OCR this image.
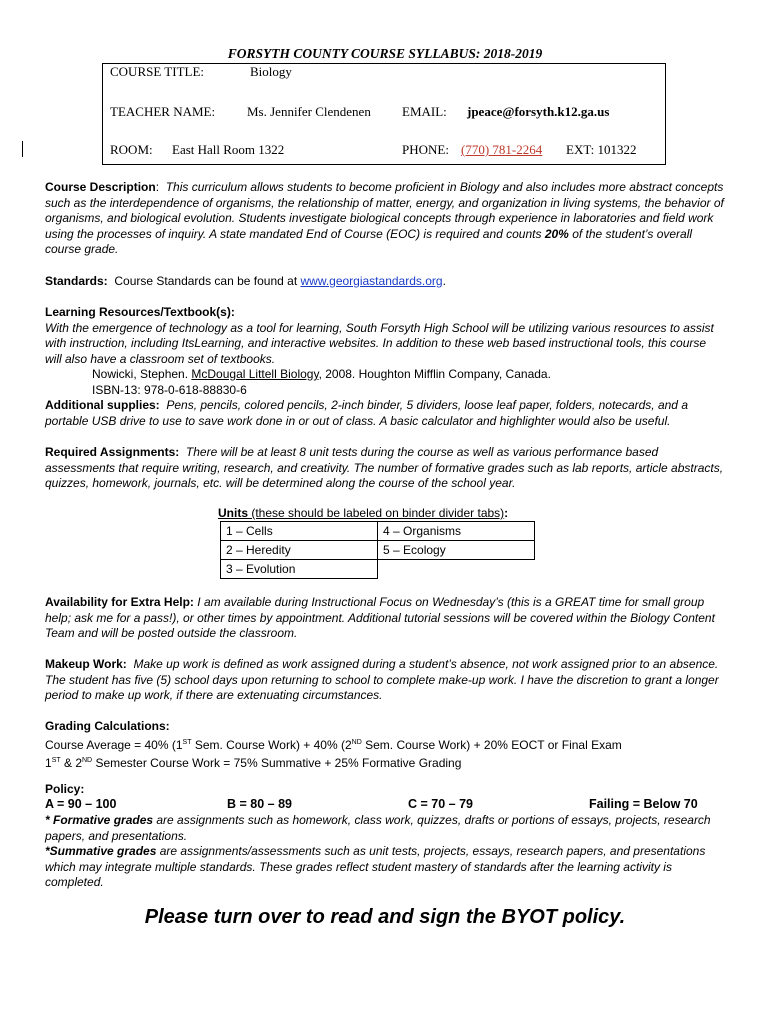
FORSYTH COUNTY COURSE SYLLABUS: 2018-2019
COURSE TITLE:	Biology
TEACHER NAME: Ms. Jennifer Clendenen EMAIL: jpeace@forsyth.k12.ga.us
ROOM: East Hall Room 1322	PHONE: (770) 781-2264 EXT: 101322
Course Description: This curriculum allows students to become proficient in Biology and also includes more abstract concepts such as the interdependence of organisms, the relationship of matter, energy, and organization in living systems, the behavior of organisms, and biological evolution. Students investigate biological concepts through experience in laboratories and field work using the processes of inquiry. A state mandated End of Course (EOC) is required and counts 20% of the student’s overall course grade.
Standards: Course Standards can be found at www.georgiastandards.org.
Learning Resources/Textbook(s):
With the emergence of technology as a tool for learning, South Forsyth High School will be utilizing various resources to assist with instruction, including ItsLearning, and interactive websites. In addition to these web based instructional tools, this course will also have a classroom set of textbooks.
Nowicki, Stephen. McDougal Littell Biology, 2008. Houghton Mifflin Company, Canada.
ISBN-13: 978-0-618-88830-6
Additional supplies: Pens, pencils, colored pencils, 2-inch binder, 5 dividers, loose leaf paper, folders, notecards, and a portable USB drive to use to save work done in or out of class. A basic calculator and highlighter would also be useful.
Required Assignments: There will be at least 8 unit tests during the course as well as various performance based assessments that require writing, research, and creativity. The number of formative grades such as lab reports, article abstracts, quizzes, homework, journals, etc. will be determined along the course of the school year.
Units (these should be labeled on binder divider tabs):
1 – Cells	4 – Organisms
2 – Heredity	5 – Ecology
3 – Evolution	
Availability for Extra Help: I am available during Instructional Focus on Wednesday’s (this is a GREAT time for small group help; ask me for a pass!), or other times by appointment. Additional tutorial sessions will be covered within the Biology Content Team and will be posted outside the classroom.
Makeup Work: Make up work is defined as work assigned during a student’s absence, not work assigned prior to an absence. The student has five (5) school days upon returning to school to complete make-up work. I have the discretion to grant a longer period to make up work, if there are extenuating circumstances.
Grading Calculations:
Course Average = 40% (1ST Sem. Course Work) + 40% (2ND Sem. Course Work) + 20% EOCT or Final Exam
1ST & 2ND Semester Course Work = 75% Summative + 25% Formative Grading
Policy:
A = 90 – 100	B = 80 – 89	C = 70 – 79	Failing = Below 70
* Formative grades are assignments such as homework, class work, quizzes, drafts or portions of essays, projects, research papers, and presentations.
*Summative grades are assignments/assessments such as unit tests, projects, essays, research papers, and presentations which may integrate multiple standards. These grades reflect student mastery of standards after the learning activity is completed.
Please turn over to read and sign the BYOT policy.
